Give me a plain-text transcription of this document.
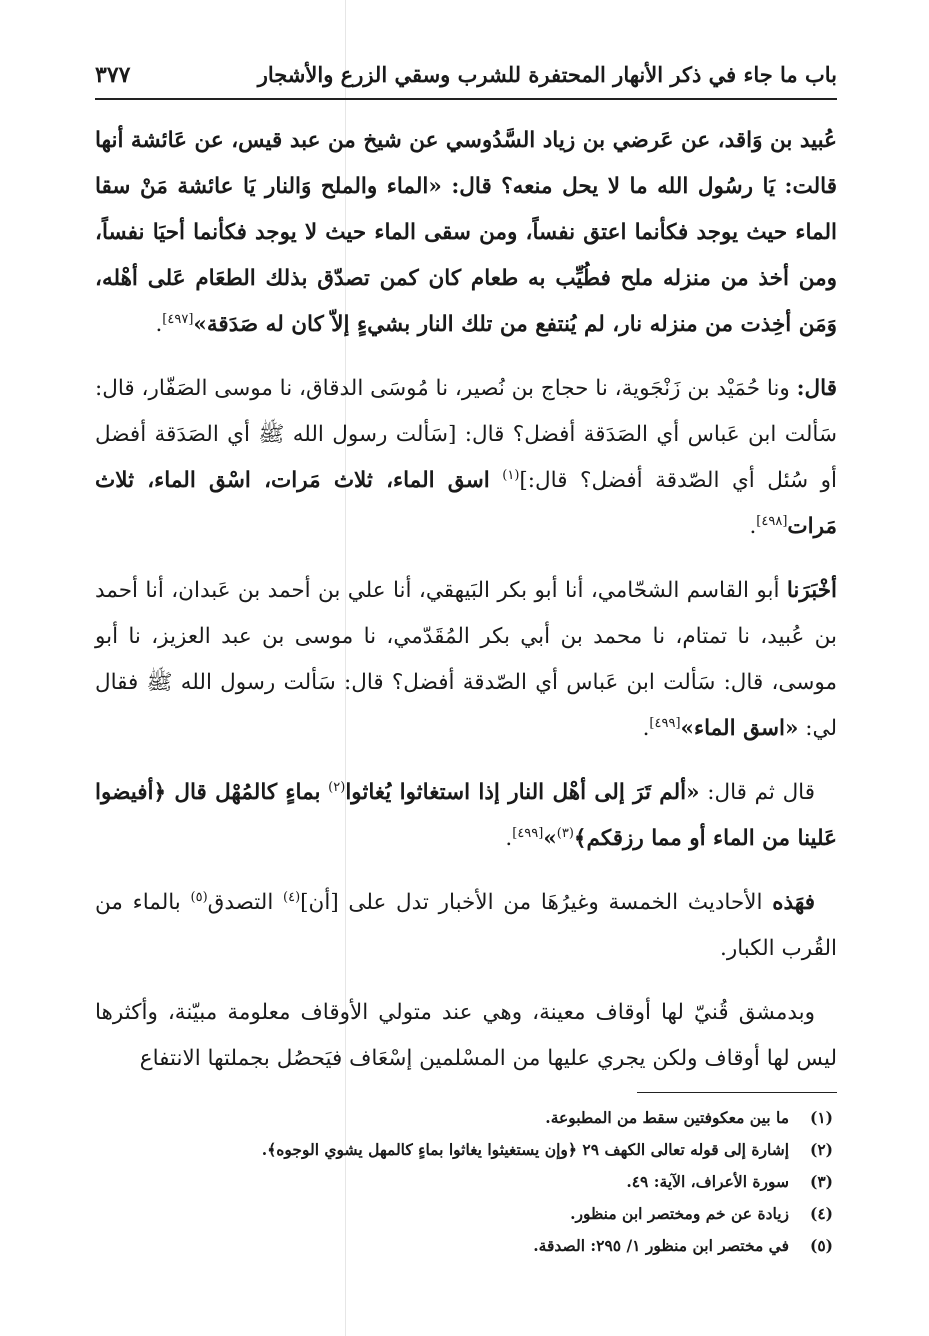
باب ما جاء في ذكر الأنهار المحتفرة للشرب وسقي الزرع والأشجار
٣٧٧

عُبيد بن وَاقد، عن عَرضي بن زياد السَّدُوسي عن شيخ من عبد قيس، عن عَائشة أنها قالت: يَا رسُول الله ما لا يحل منعه؟ قال: «الماء والملح وَالنار يَا عائشة مَنْ سقا الماء حيث يوجد فكأنما اعتق نفساً، ومن سقى الماء حيث لا يوجد فكأنما أحيَا نفساً، ومن أخذ من منزله ملح فطُيِّب به طعام كان كمن تصدّق بذلك الطعَام عَلى أهْله، وَمَن أخِذت من منزله نار، لم يُنتفع من تلك النار بشيءٍ إلاّ كان له صَدَقة»[٤٩٧].

قال: ونا حُمَيْد بن زَنْجَوية، نا حجاج بن نُصير، نا مُوسَى الدقاق، نا موسى الصَفّار، قال: سَألت ابن عَباس أي الصَدَقة أفضل؟ قال: [سَألت رسول الله ﷺ أي الصَدَقة أفضل أو سُئل أي الصّدقة أفضل؟ قال:]$^{(١)}$ اسق الماء، ثلاث مَرات، اسْق الماء، ثلاث مَرات[٤٩٨].

أخْبَرَنا أبو القاسم الشحّامي، أنا أبو بكر البَيهقي، أنا علي بن أحمد بن عَبدان، أنا أحمد بن عُبيد، نا تمتام، نا محمد بن أبي بكر المُقَدّمي، نا موسى بن عبد العزيز، نا أبو موسى، قال: سَألت ابن عَباس أي الصّدقة أفضل؟ قال: سَألت رسول الله ﷺ فقال لي: «اسق الماء»[٤٩٩].

قال ثم قال: «ألم تَرَ إلى أهْل النار إذا استغاثوا يُغاثوا$^{(٢)}$ بماءٍ كالمُهْل قال ﴿أفيضوا عَلينا من الماء أو مما رزقكم﴾$^{(٣)}$»[٤٩٩].

فهَذه الأحاديث الخمسة وغيرُهَا من الأخبار تدل على [أن]$^{(٤)}$ التصدق$^{(٥)}$ بالماء من القُرب الكبار.

وبدمشق قُنيّ لها أوقاف معينة، وهي عند متولي الأوقاف معلومة مبيّنة، وأكثرها ليس لها أوقاف ولكن يجري عليها من المسْلمين إسْعَاف فيَحصُل بجملتها الانتفاع

(١)
ما بين معكوفتين سقط من المطبوعة.
(٢)
إشارة إلى قوله تعالى الكهف ٢٩ ﴿وإن يستغيثوا يغاثوا بماءٍ كالمهل يشوي الوجوه﴾.
(٣)
سورة الأعراف، الآية: ٤٩.
(٤)
زيادة عن خ‍م ومختصر ابن منظور.
(٥)
في مختصر ابن منظور ١/ ٢٩٥: الصدقة.
